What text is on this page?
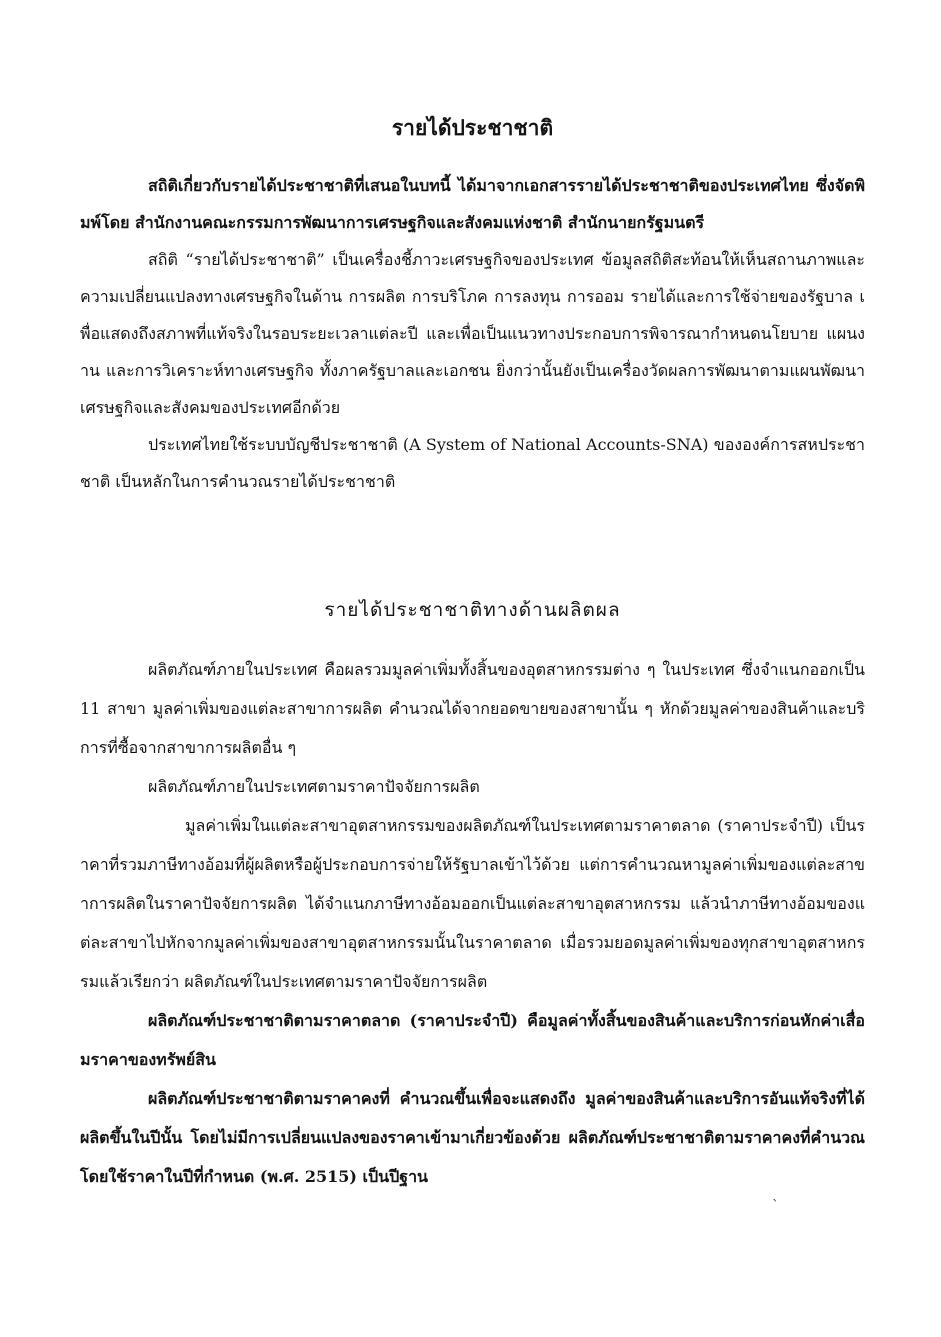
รายได้ประชาชาติ

สถิติเกี่ยวกับรายได้ประชาชาติที่เสนอในบทนี้ ได้มาจากเอกสารรายได้ประชาชาติของประเทศไทย ซึ่งจัดพิมพ์โดย สำนักงานคณะกรรมการพัฒนาการเศรษฐกิจและสังคมแห่งชาติ สำนักนายกรัฐมนตรี

สถิติ “รายได้ประชาชาติ” เป็นเครื่องชี้ภาวะเศรษฐกิจของประเทศ ข้อมูลสถิติสะท้อนให้เห็นสถานภาพและความเปลี่ยนแปลงทางเศรษฐกิจในด้าน การผลิต การบริโภค การลงทุน การออม รายได้และการใช้จ่ายของรัฐบาล เพื่อแสดงถึงสภาพที่แท้จริงในรอบระยะเวลาแต่ละปี และเพื่อเป็นแนวทางประกอบการพิจารณากำหนดนโยบาย แผนงาน และการวิเคราะห์ทางเศรษฐกิจ ทั้งภาครัฐบาลและเอกชน ยิ่งกว่านั้นยังเป็นเครื่องวัดผลการพัฒนาตามแผนพัฒนาเศรษฐกิจและสังคมของประเทศอีกด้วย

ประเทศไทยใช้ระบบบัญชีประชาชาติ (A System of National Accounts-SNA) ขององค์การสหประชาชาติ เป็นหลักในการคำนวณรายได้ประชาชาติ

รายได้ประชาชาติทางด้านผลิตผล

ผลิตภัณฑ์ภายในประเทศ คือผลรวมมูลค่าเพิ่มทั้งสิ้นของอุตสาหกรรมต่าง ๆ ในประเทศ ซึ่งจำแนกออกเป็น 11 สาขา มูลค่าเพิ่มของแต่ละสาขาการผลิต คำนวณได้จากยอดขายของสาขานั้น ๆ หักด้วยมูลค่าของสินค้าและบริการที่ซื้อจากสาขาการผลิตอื่น ๆ

ผลิตภัณฑ์ภายในประเทศตามราคาปัจจัยการผลิต

มูลค่าเพิ่มในแต่ละสาขาอุตสาหกรรมของผลิตภัณฑ์ในประเทศตามราคาตลาด (ราคาประจำปี) เป็นราคาที่รวมภาษีทางอ้อมที่ผู้ผลิตหรือผู้ประกอบการจ่ายให้รัฐบาลเข้าไว้ด้วย แต่การคำนวณหามูลค่าเพิ่มของแต่ละสาขาการผลิตในราคาปัจจัยการผลิต ได้จำแนกภาษีทางอ้อมออกเป็นแต่ละสาขาอุตสาหกรรม แล้วนำภาษีทางอ้อมของแต่ละสาขาไปหักจากมูลค่าเพิ่มของสาขาอุตสาหกรรมนั้นในราคาตลาด เมื่อรวมยอดมูลค่าเพิ่มของทุกสาขาอุตสาหกรรมแล้วเรียกว่า ผลิตภัณฑ์ในประเทศตามราคาปัจจัยการผลิต

ผลิตภัณฑ์ประชาชาติตามราคาตลาด (ราคาประจำปี) คือมูลค่าทั้งสิ้นของสินค้าและบริการก่อนหักค่าเสื่อมราคาของทรัพย์สิน

ผลิตภัณฑ์ประชาชาติตามราคาคงที่ คำนวณขึ้นเพื่อจะแสดงถึง มูลค่าของสินค้าและบริการอันแท้จริงที่ได้ผลิตขึ้นในปีนั้น โดยไม่มีการเปลี่ยนแปลงของราคาเข้ามาเกี่ยวข้องด้วย ผลิตภัณฑ์ประชาชาติตามราคาคงที่คำนวณโดยใช้ราคาในปีที่กำหนด (พ.ศ. 2515) เป็นปีฐาน

`
